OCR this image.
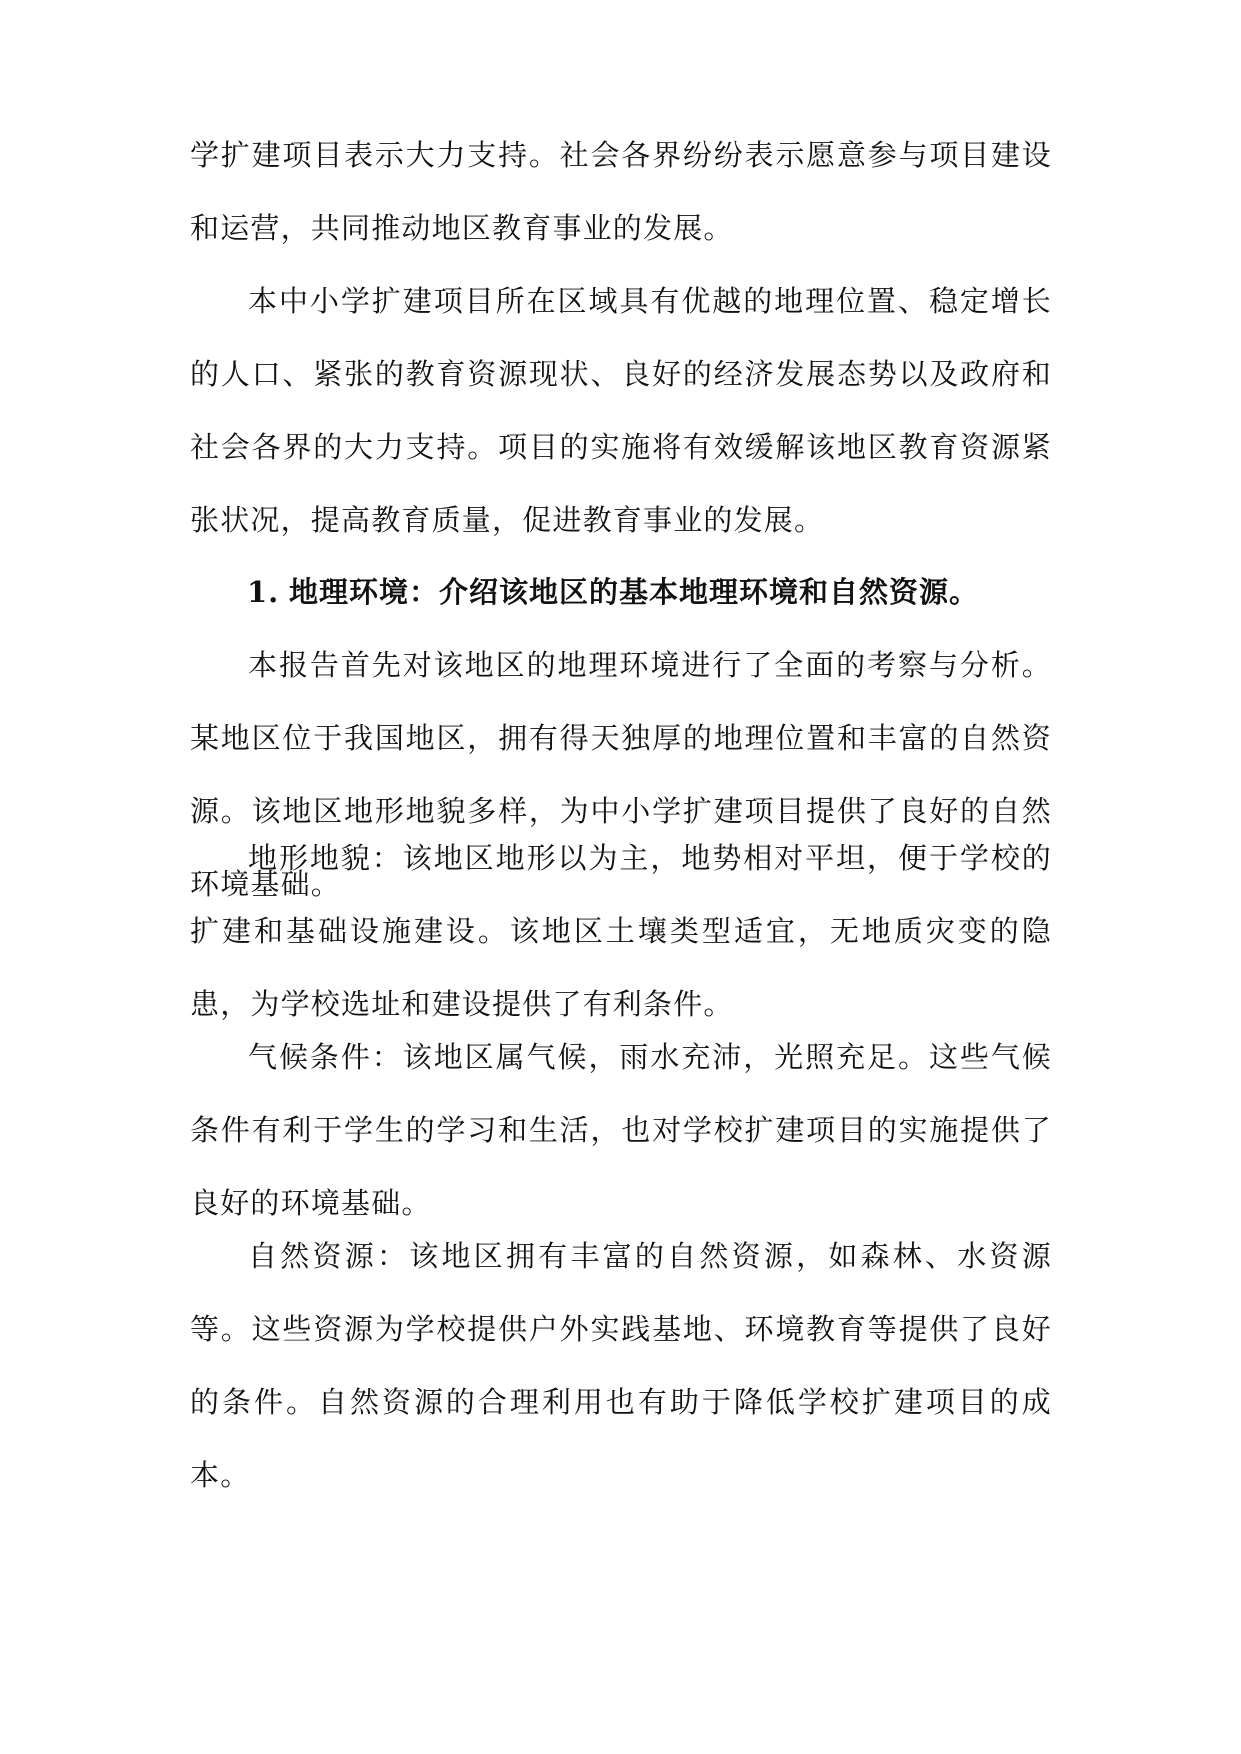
学扩建项目表示大力支持。社会各界纷纷表示愿意参与项目建设和运营，共同推动地区教育事业的发展。

本中小学扩建项目所在区域具有优越的地理位置、稳定增长的人口、紧张的教育资源现状、良好的经济发展态势以及政府和社会各界的大力支持。项目的实施将有效缓解该地区教育资源紧张状况，提高教育质量，促进教育事业的发展。

1. 地理环境：介绍该地区的基本地理环境和自然资源。

本报告首先对该地区的地理环境进行了全面的考察与分析。某地区位于我国地区，拥有得天独厚的地理位置和丰富的自然资源。该地区地形地貌多样，为中小学扩建项目提供了良好的自然环境基础。

地形地貌：该地区地形以为主，地势相对平坦，便于学校的扩建和基础设施建设。该地区土壤类型适宜，无地质灾变的隐患，为学校选址和建设提供了有利条件。

气候条件：该地区属气候，雨水充沛，光照充足。这些气候条件有利于学生的学习和生活，也对学校扩建项目的实施提供了良好的环境基础。

自然资源：该地区拥有丰富的自然资源，如森林、水资源等。这些资源为学校提供户外实践基地、环境教育等提供了良好的条件。自然资源的合理利用也有助于降低学校扩建项目的成本。
